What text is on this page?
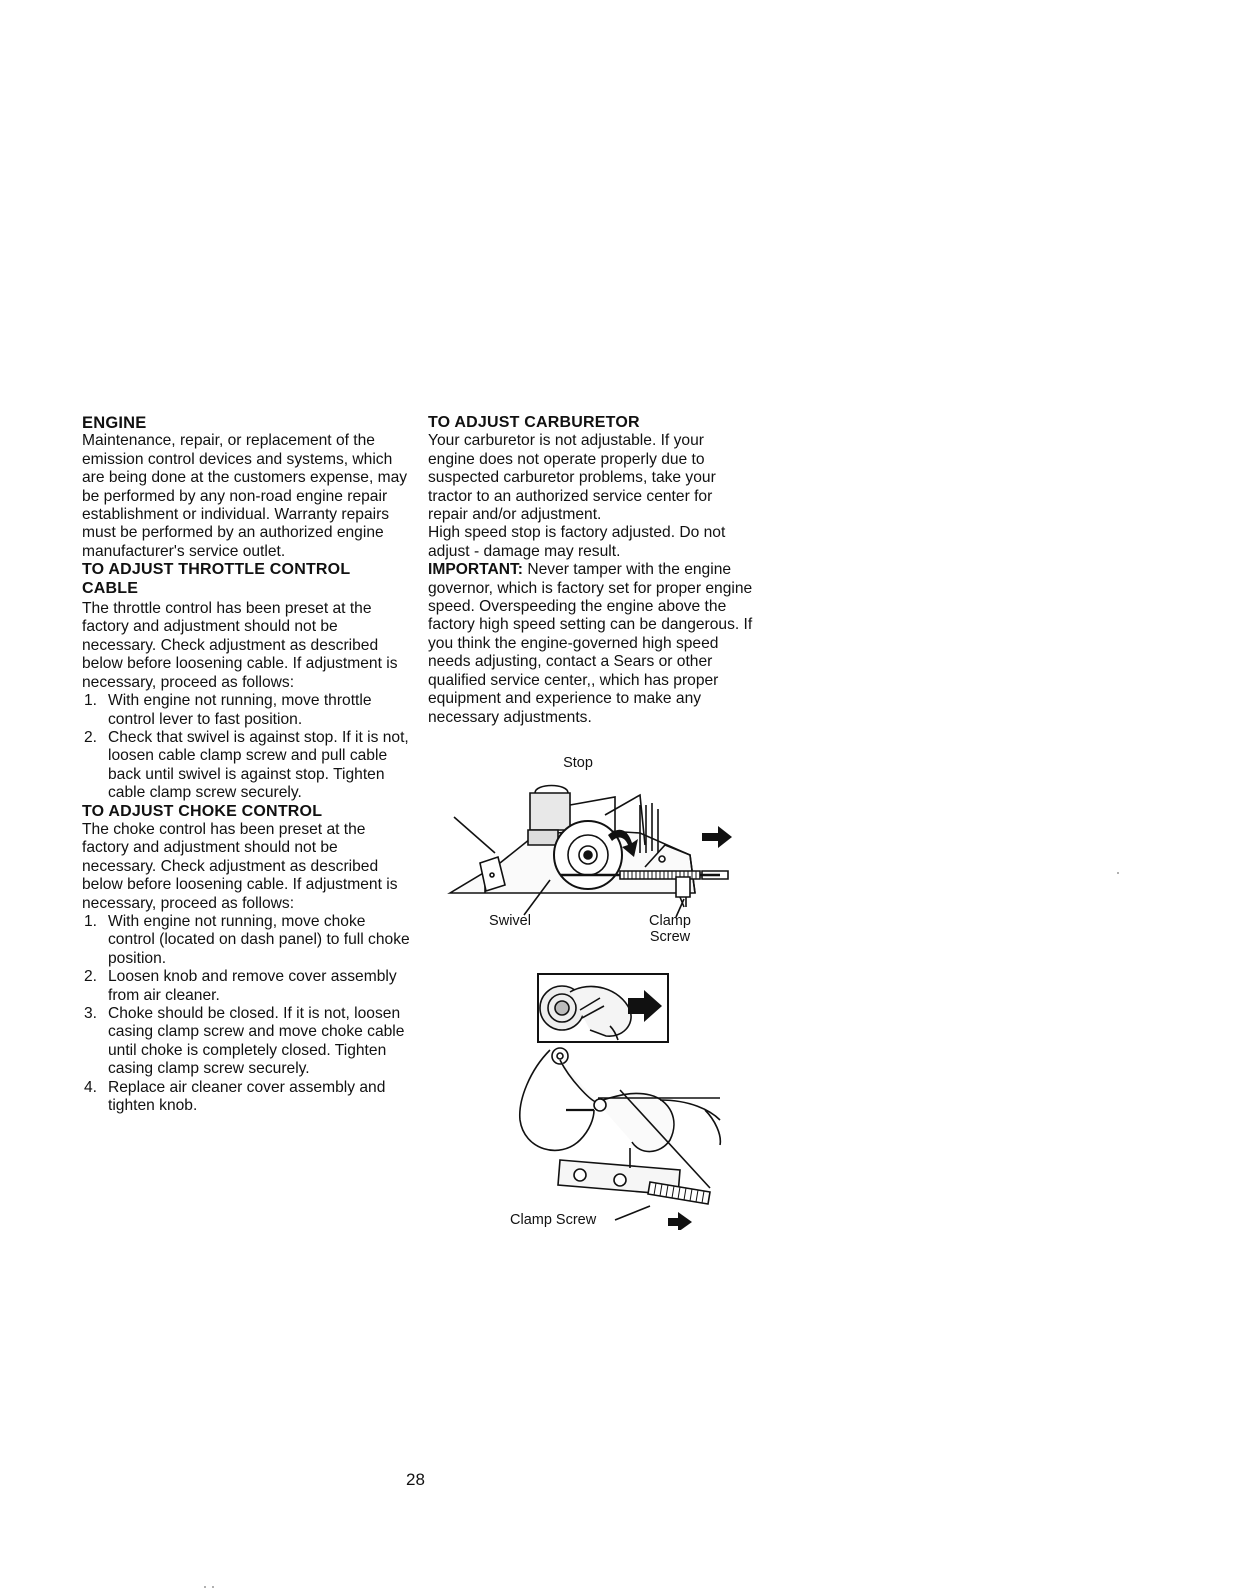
ENGINE

Maintenance, repair, or replacement of the emission control devices and systems, which are being done at the customers expense, may be performed by any non-road engine repair establishment or individual. Warranty repairs must be performed by an authorized engine manufacturer's service outlet.

TO ADJUST THROTTLE CONTROL CABLE

The throttle control has been preset at the factory and adjustment should not be necessary. Check adjustment as described below before loosening cable. If adjustment is necessary, proceed as follows:

1. With engine not running, move throttle control lever to fast position.
2. Check that swivel is against stop. If it is not, loosen cable clamp screw and pull cable back until swivel is against stop. Tighten cable clamp screw securely.
TO ADJUST CHOKE CONTROL

The choke control has been preset at the factory and adjustment should not be necessary. Check adjustment as described below before loosening cable. If adjustment is necessary, proceed as follows:

1. With engine not running, move choke control (located on dash panel) to full choke position.
2. Loosen knob and remove cover assembly from air cleaner.
3. Choke should be closed. If it is not, loosen casing clamp screw and move choke cable until choke is completely closed. Tighten casing clamp screw securely.
4. Replace air cleaner cover assembly and tighten knob.
TO ADJUST CARBURETOR

Your carburetor is not adjustable. If your engine does not operate properly due to suspected carburetor problems, take your tractor to an authorized service center for repair and/or adjustment.

High speed stop is factory adjusted. Do not adjust - damage may result.

IMPORTANT: Never tamper with the engine governor, which is factory set for proper engine speed. Overspeeding the engine above the factory high speed setting can be dangerous. If you think the engine-governed high speed needs adjusting, contact a Sears or other qualified service center,, which has proper equipment and experience to make any necessary adjustments.

Stop
Swivel	Clamp
Screw
Clamp Screw
28
